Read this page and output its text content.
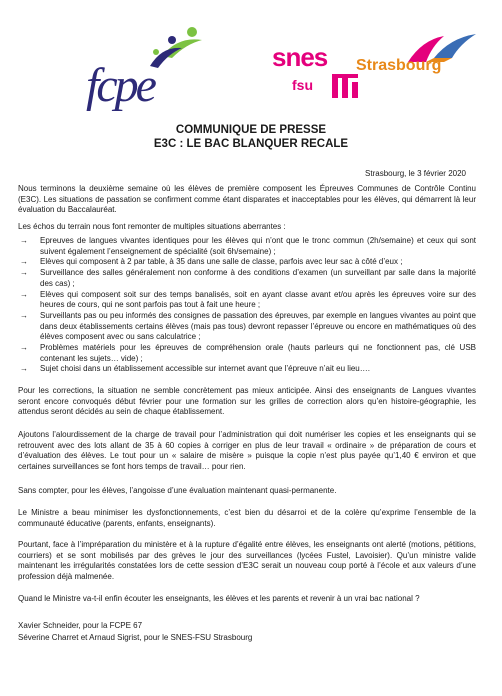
fcpe
snes Strasbourg
fsu
COMMUNIQUE DE PRESSE
E3C : LE BAC BLANQUER RECALE
Strasbourg, le 3 février 2020
Nous terminons la deuxième semaine où les élèves de première composent les Épreuves Communes de Contrôle Continu (E3C). Les situations de passation se confirment comme étant disparates et inacceptables pour les élèves, qui démarrent là leur évaluation du Baccalauréat.
Les échos du terrain nous font remonter de multiples situations aberrantes :
→ Epreuves de langues vivantes identiques pour les élèves qui n’ont que le tronc commun (2h/semaine) et ceux qui sont suivent également l’enseignement de spécialité (soit 6h/semaine) ;
→ Elèves qui composent à 2 par table, à 35 dans une salle de classe, parfois avec leur sac à côté d’eux ;
→ Surveillance des salles généralement non conforme à des conditions d’examen (un surveillant par salle dans la majorité des cas) ;
→ Elèves qui composent soit sur des temps banalisés, soit en ayant classe avant et/ou après les épreuves voire sur des heures de cours, qui ne sont parfois pas tout à fait une heure ;
→ Surveillants pas ou peu informés des consignes de passation des épreuves, par exemple en langues vivantes au point que dans deux établissements certains élèves (mais pas tous) devront repasser l’épreuve ou encore en mathématiques où des élèves composent avec ou sans calculatrice ;
→ Problèmes matériels pour les épreuves de compréhension orale (hauts parleurs qui ne fonctionnent pas, clé USB contenant les sujets… vide) ;
→ Sujet choisi dans un établissement accessible sur internet avant que l’épreuve n’ait eu lieu….
Pour les corrections, la situation ne semble concrètement pas mieux anticipée. Ainsi des enseignants de Langues vivantes seront encore convoqués début février pour une formation sur les grilles de correction alors qu’en histoire-géographie, les attendus seront décidés au sein de chaque établissement.
Ajoutons l’alourdissement de la charge de travail pour l’administration qui doit numériser les copies et les enseignants qui se retrouvent avec des lots allant de 35 à 60 copies à corriger en plus de leur travail « ordinaire » de préparation de cours et d’évaluation des élèves. Le tout pour un « salaire de misère » puisque la copie n’est plus payée qu’1,40 € environ et que certaines surveillances se font hors temps de travail… pour rien.
Sans compter, pour les élèves, l’angoisse d’une évaluation maintenant quasi-permanente.
Le Ministre a beau minimiser les dysfonctionnements, c’est bien du désarroi et de la colère qu’exprime l’ensemble de la communauté éducative (parents, enfants, enseignants).
Pourtant, face à l’impréparation du ministère et à la rupture d’égalité entre élèves, les enseignants ont alerté (motions, pétitions, courriers) et se sont mobilisés par des grèves le jour des surveillances (lycées Fustel, Lavoisier). Qu’un ministre valide maintenant les irrégularités constatées lors de cette session d’E3C serait un nouveau coup porté à l’école et aux valeurs d’une profession déjà malmenée.
Quand le Ministre va-t-il enfin écouter les enseignants, les élèves et les parents et revenir à un vrai bac national ?
Xavier Schneider, pour la FCPE 67
Séverine Charret et Arnaud Sigrist, pour le SNES-FSU Strasbourg
